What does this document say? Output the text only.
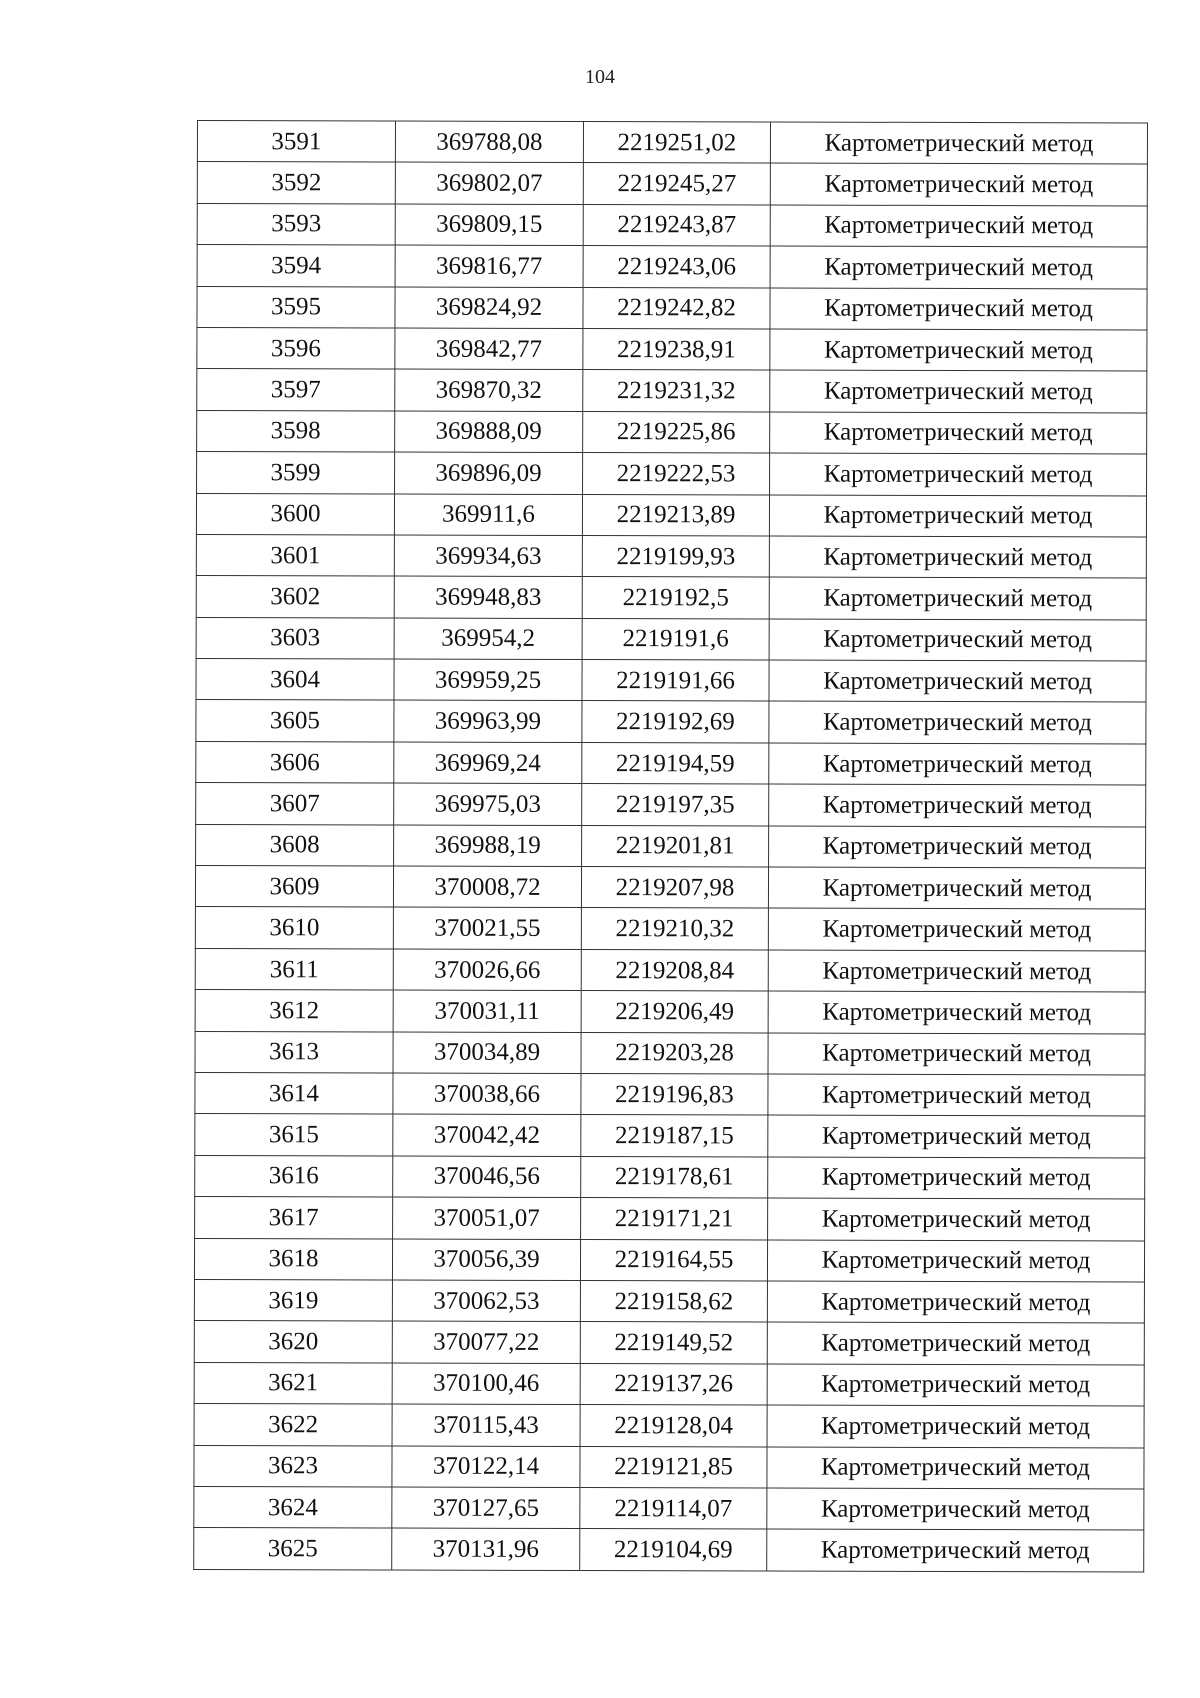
104
3591	369788,08	2219251,02	Картометрический метод
3592	369802,07	2219245,27	Картометрический метод
3593	369809,15	2219243,87	Картометрический метод
3594	369816,77	2219243,06	Картометрический метод
3595	369824,92	2219242,82	Картометрический метод
3596	369842,77	2219238,91	Картометрический метод
3597	369870,32	2219231,32	Картометрический метод
3598	369888,09	2219225,86	Картометрический метод
3599	369896,09	2219222,53	Картометрический метод
3600	369911,6	2219213,89	Картометрический метод
3601	369934,63	2219199,93	Картометрический метод
3602	369948,83	2219192,5	Картометрический метод
3603	369954,2	2219191,6	Картометрический метод
3604	369959,25	2219191,66	Картометрический метод
3605	369963,99	2219192,69	Картометрический метод
3606	369969,24	2219194,59	Картометрический метод
3607	369975,03	2219197,35	Картометрический метод
3608	369988,19	2219201,81	Картометрический метод
3609	370008,72	2219207,98	Картометрический метод
3610	370021,55	2219210,32	Картометрический метод
3611	370026,66	2219208,84	Картометрический метод
3612	370031,11	2219206,49	Картометрический метод
3613	370034,89	2219203,28	Картометрический метод
3614	370038,66	2219196,83	Картометрический метод
3615	370042,42	2219187,15	Картометрический метод
3616	370046,56	2219178,61	Картометрический метод
3617	370051,07	2219171,21	Картометрический метод
3618	370056,39	2219164,55	Картометрический метод
3619	370062,53	2219158,62	Картометрический метод
3620	370077,22	2219149,52	Картометрический метод
3621	370100,46	2219137,26	Картометрический метод
3622	370115,43	2219128,04	Картометрический метод
3623	370122,14	2219121,85	Картометрический метод
3624	370127,65	2219114,07	Картометрический метод
3625	370131,96	2219104,69	Картометрический метод
